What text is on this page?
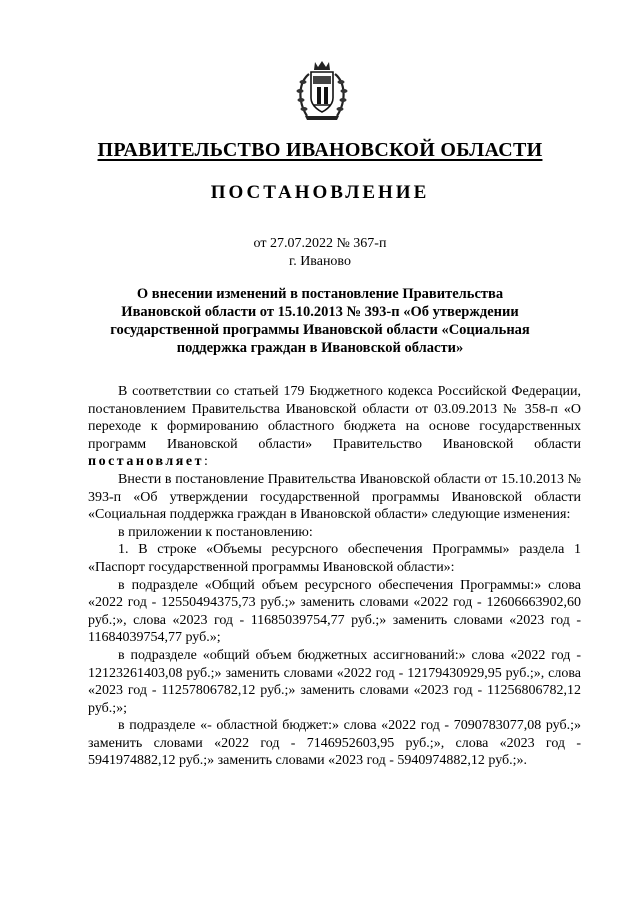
ПРАВИТЕЛЬСТВО ИВАНОВСКОЙ ОБЛАСТИ
ПОСТАНОВЛЕНИЕ
от 27.07.2022 № 367-п
г. Иваново
О внесении изменений в постановление Правительства Ивановской области от 15.10.2013 № 393-п «Об утверждении государственной программы Ивановской области «Социальная поддержка граждан в Ивановской области»

В соответствии со статьей 179 Бюджетного кодекса Российской Федерации, постановлением Правительства Ивановской области от 03.09.2013 № 358-п «О переходе к формированию областного бюджета на основе государственных программ Ивановской области» Правительство Ивановской области постановляет:

Внести в постановление Правительства Ивановской области от 15.10.2013 № 393-п «Об утверждении государственной программы Ивановской области «Социальная поддержка граждан в Ивановской области» следующие изменения:

в приложении к постановлению:

1. В строке «Объемы ресурсного обеспечения Программы» раздела 1 «Паспорт государственной программы Ивановской области»:

в подразделе «Общий объем ресурсного обеспечения Программы:» слова «2022 год - 12550494375,73 руб.;» заменить словами «2022 год - 12606663902,60 руб.;», слова «2023 год - 11685039754,77 руб.;» заменить словами «2023 год - 11684039754,77 руб.»;

в подразделе «общий объем бюджетных ассигнований:» слова «2022 год - 12123261403,08 руб.;» заменить словами «2022 год - 12179430929,95 руб.;», слова «2023 год - 11257806782,12 руб.;» заменить словами «2023 год - 11256806782,12 руб.;»;

в подразделе «- областной бюджет:» слова «2022 год - 7090783077,08 руб.;» заменить словами «2022 год - 7146952603,95 руб.;», слова «2023 год - 5941974882,12 руб.;» заменить словами «2023 год - 5940974882,12 руб.;».
